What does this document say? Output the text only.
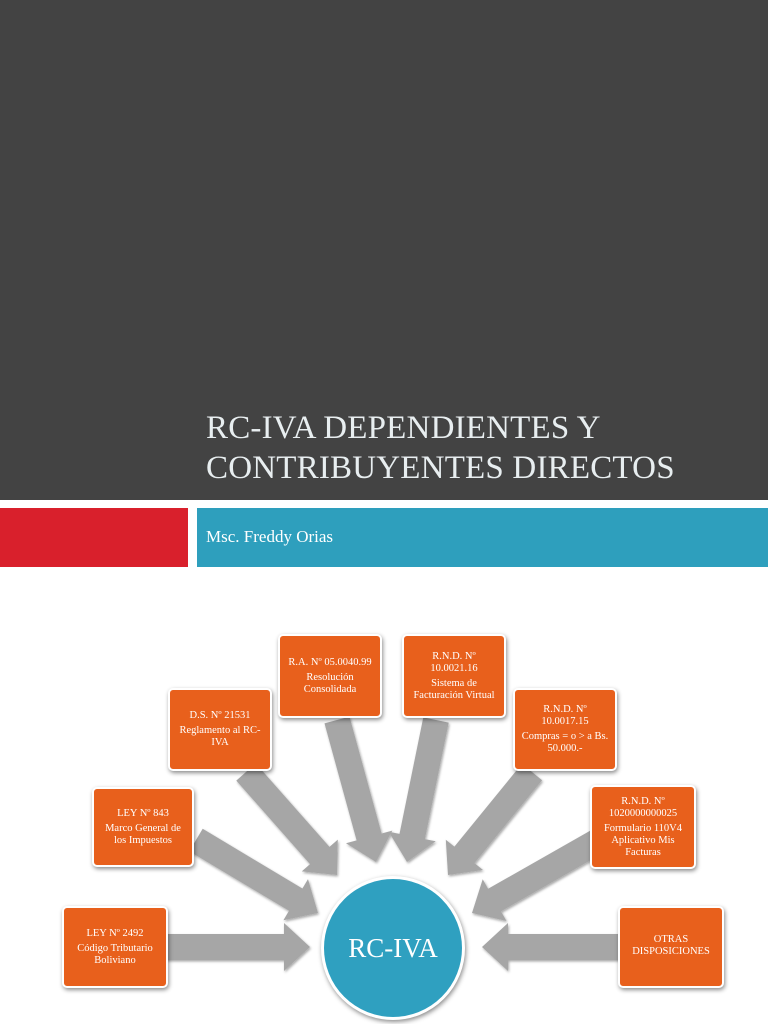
RC-IVA DEPENDIENTES Y
CONTRIBUYENTES DIRECTOS
Msc. Freddy Orias
LEY Nº 2492
Código Tributario Boliviano
LEY Nº 843
Marco General de los Impuestos
D.S. Nº 21531
Reglamento al RC-IVA
R.A. Nº 05.0040.99
Resolución Consolidada
R.N.D. Nº 10.0021.16
Sistema de Facturación Virtual
R.N.D. Nº 10.0017.15
Compras = o > a Bs. 50.000.-
R.N.D. Nº 1020000000025
Formulario 110V4 Aplicativo Mis Facturas
OTRAS DISPOSICIONES
RC-IVA
